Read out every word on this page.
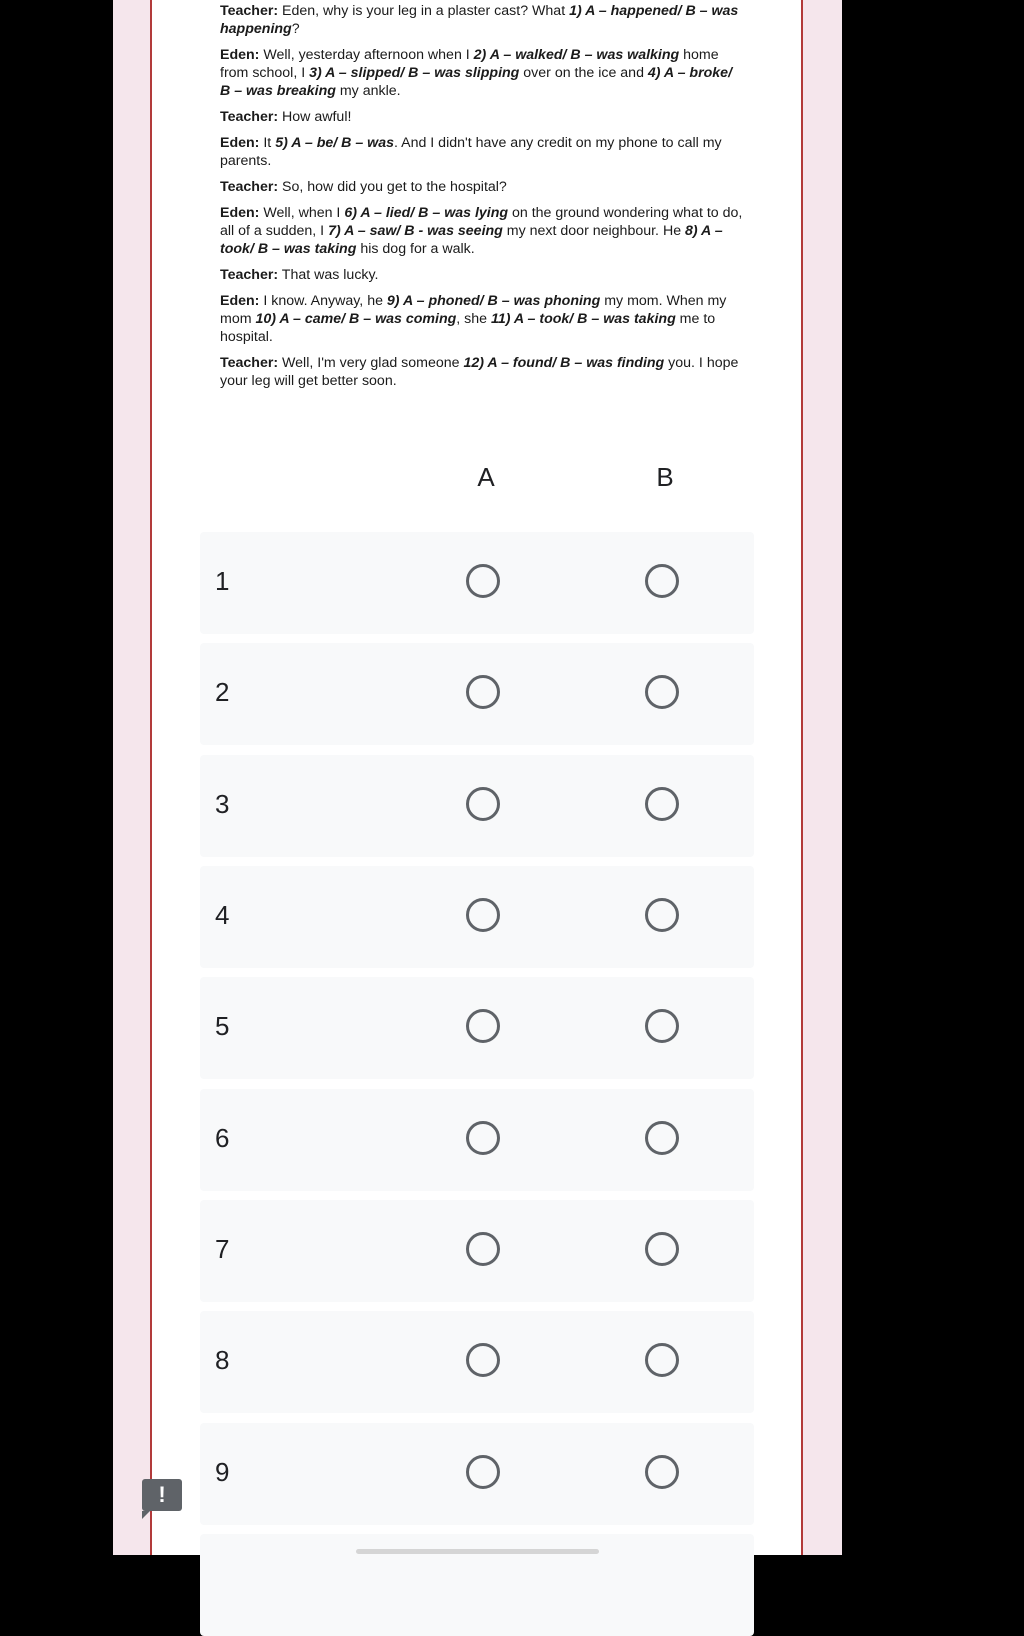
Teacher: Eden, why is your leg in a plaster cast? What 1) A – happened/ B – was happening?

Eden: Well, yesterday afternoon when I 2) A – walked/ B – was walking home from school, I 3) A – slipped/ B – was slipping over on the ice and 4) A – broke/ B – was breaking my ankle.

Teacher: How awful!

Eden: It 5) A – be/ B – was. And I didn't have any credit on my phone to call my parents.

Teacher: So, how did you get to the hospital?

Eden: Well, when I 6) A – lied/ B – was lying on the ground wondering what to do, all of a sudden, I 7) A – saw/ B - was seeing my next door neighbour. He 8) A – took/ B – was taking his dog for a walk.

Teacher: That was lucky.

Eden: I know. Anyway, he 9) A – phoned/ B – was phoning my mom. When my mom 10) A – came/ B – was coming, she 11) A – took/ B – was taking me to hospital.

Teacher: Well, I'm very glad someone 12) A – found/ B – was finding you. I hope your leg will get better soon.

A	B
1
2
3
4
5
6
7
8
9
!
